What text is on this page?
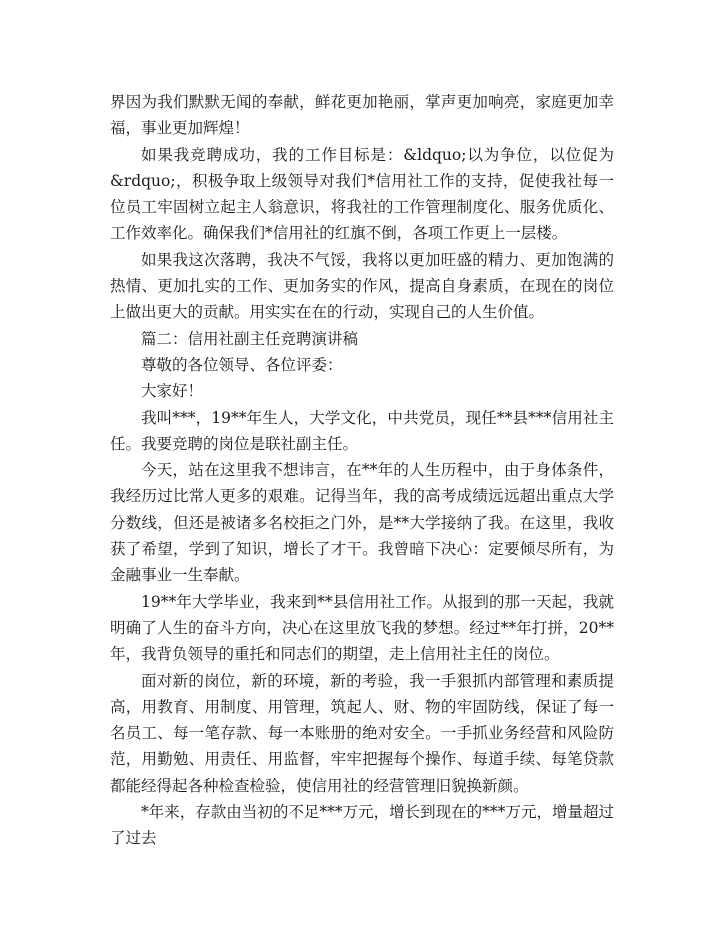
界因为我们默默无闻的奉献，鲜花更加艳丽，掌声更加响亮，家庭更加幸福，事业更加辉煌！

如果我竞聘成功，我的工作目标是：&ldquo;以为争位，以位促为&rdquo;，积极争取上级领导对我们*信用社工作的支持，促使我社每一位员工牢固树立起主人翁意识，将我社的工作管理制度化、服务优质化、工作效率化。确保我们*信用社的红旗不倒，各项工作更上一层楼。

如果我这次落聘，我决不气馁，我将以更加旺盛的精力、更加饱满的热情、更加扎实的工作、更加务实的作风，提高自身素质，在现在的岗位上做出更大的贡献。用实实在在的行动，实现自己的人生价值。

篇二：信用社副主任竞聘演讲稿

尊敬的各位领导、各位评委：

大家好！

我叫***，19**年生人，大学文化，中共党员，现任**县***信用社主任。我要竞聘的岗位是联社副主任。

今天，站在这里我不想讳言，在**年的人生历程中，由于身体条件，我经历过比常人更多的艰难。记得当年，我的高考成绩远远超出重点大学分数线，但还是被诸多名校拒之门外，是**大学接纳了我。在这里，我收获了希望，学到了知识，增长了才干。我曾暗下决心：定要倾尽所有，为金融事业一生奉献。

19**年大学毕业，我来到**县信用社工作。从报到的那一天起，我就明确了人生的奋斗方向，决心在这里放飞我的梦想。经过**年打拼，20**年，我背负领导的重托和同志们的期望，走上信用社主任的岗位。

面对新的岗位，新的环境，新的考验，我一手狠抓内部管理和素质提高，用教育、用制度、用管理，筑起人、财、物的牢固防线，保证了每一名员工、每一笔存款、每一本账册的绝对安全。一手抓业务经营和风险防范，用勤勉、用责任、用监督，牢牢把握每个操作、每道手续、每笔贷款都能经得起各种检查检验，使信用社的经营管理旧貌换新颜。

*年来，存款由当初的不足***万元，增长到现在的***万元，增量超过了过去
